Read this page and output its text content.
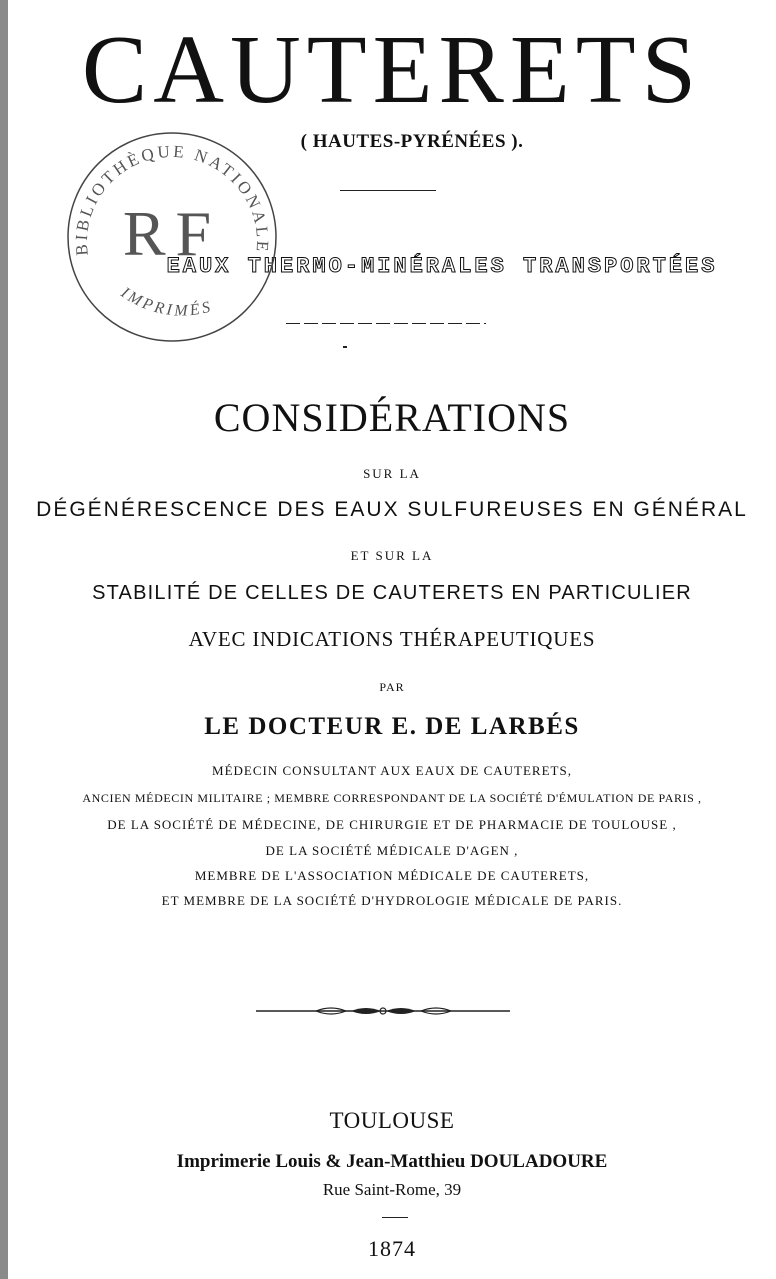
CAUTERETS
( HAUTES-PYRÉNÉES ).
EAUX THERMO-MINÉRALES TRANSPORTÉES
BIBLIOTHÈQUE NATIONALE
RF
IMPRIMÉS
CONSIDÉRATIONS
SUR LA
DÉGÉNÉRESCENCE DES EAUX SULFUREUSES EN GÉNÉRAL
ET SUR LA
STABILITÉ DE CELLES DE CAUTERETS EN PARTICULIER
AVEC INDICATIONS THÉRAPEUTIQUES
PAR
LE DOCTEUR E. DE LARBÉS
MÉDECIN CONSULTANT AUX EAUX DE CAUTERETS,
ANCIEN MÉDECIN MILITAIRE ; MEMBRE CORRESPONDANT DE LA SOCIÉTÉ D'ÉMULATION DE PARIS ,
DE LA SOCIÉTÉ DE MÉDECINE, DE CHIRURGIE ET DE PHARMACIE DE TOULOUSE ,
DE LA SOCIÉTÉ MÉDICALE D'AGEN ,
MEMBRE DE L'ASSOCIATION MÉDICALE DE CAUTERETS,
ET MEMBRE DE LA SOCIÉTÉ D'HYDROLOGIE MÉDICALE DE PARIS.
TOULOUSE
Imprimerie Louis & Jean-Matthieu DOULADOURE
Rue Saint-Rome, 39
1874
